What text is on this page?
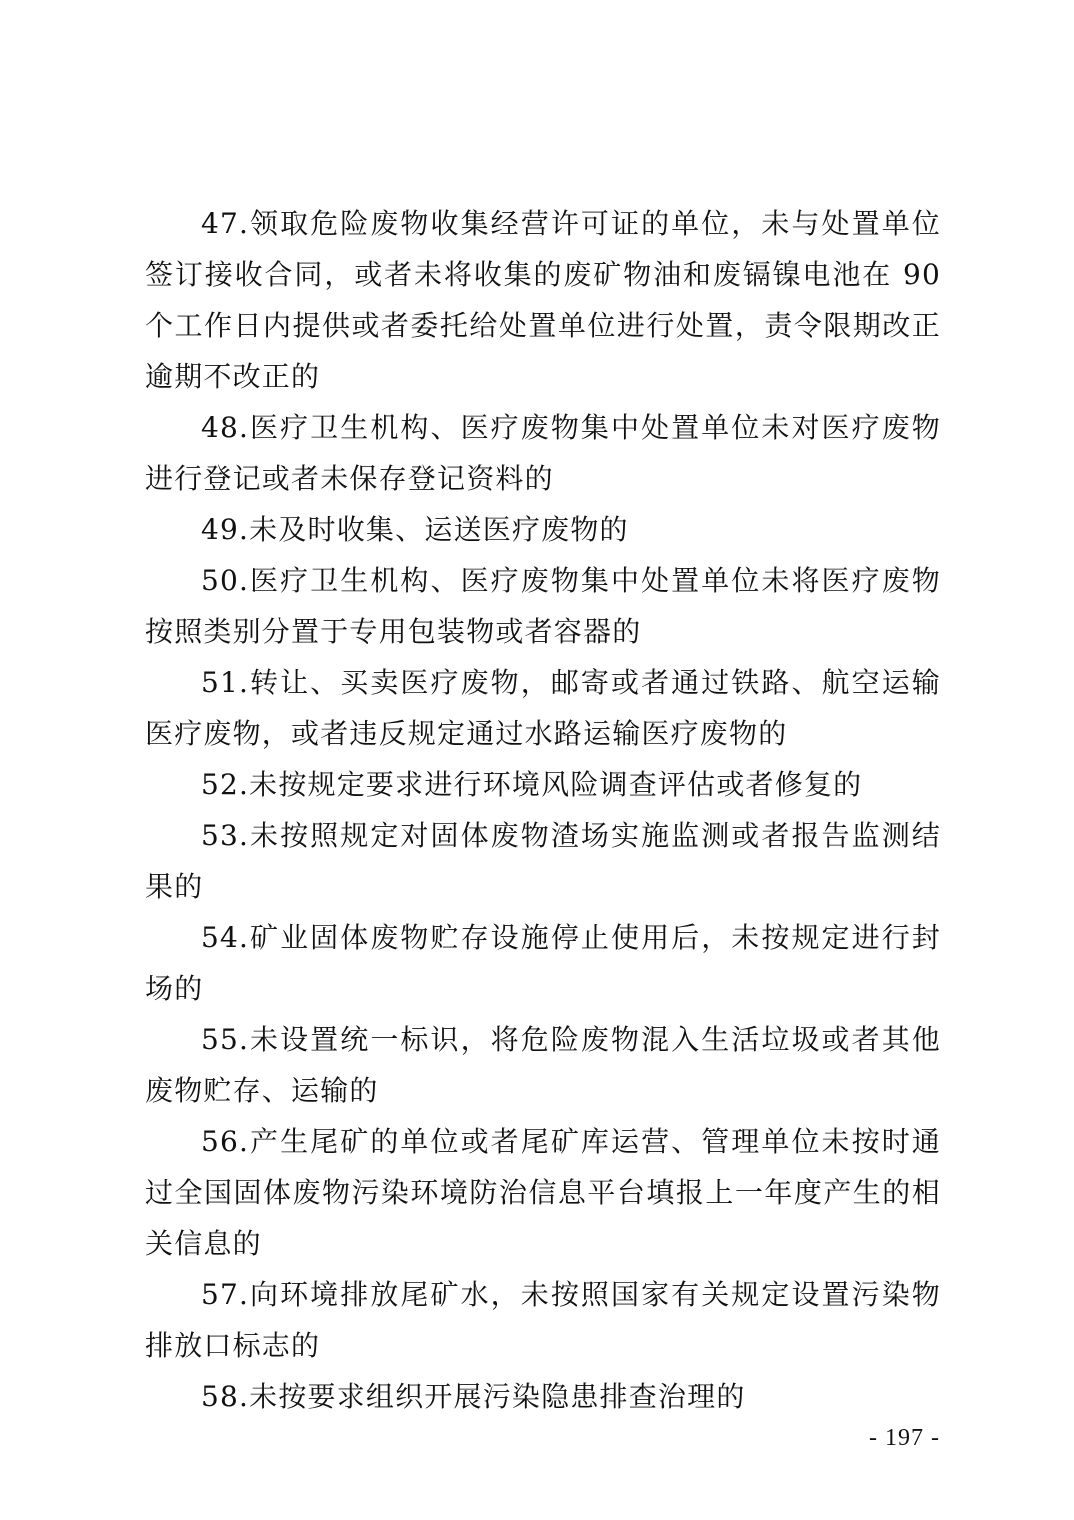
47.领取危险废物收集经营许可证的单位，未与处置单位签订接收合同，或者未将收集的废矿物油和废镉镍电池在 90 个工作日内提供或者委托给处置单位进行处置，责令限期改正逾期不改正的

48.医疗卫生机构、医疗废物集中处置单位未对医疗废物进行登记或者未保存登记资料的

49.未及时收集、运送医疗废物的

50.医疗卫生机构、医疗废物集中处置单位未将医疗废物按照类别分置于专用包装物或者容器的

51.转让、买卖医疗废物，邮寄或者通过铁路、航空运输医疗废物，或者违反规定通过水路运输医疗废物的

52.未按规定要求进行环境风险调查评估或者修复的

53.未按照规定对固体废物渣场实施监测或者报告监测结果的

54.矿业固体废物贮存设施停止使用后，未按规定进行封场的

55.未设置统一标识，将危险废物混入生活垃圾或者其他废物贮存、运输的

56.产生尾矿的单位或者尾矿库运营、管理单位未按时通过全国固体废物污染环境防治信息平台填报上一年度产生的相关信息的

57.向环境排放尾矿水，未按照国家有关规定设置污染物排放口标志的

58.未按要求组织开展污染隐患排查治理的

- 197 -
